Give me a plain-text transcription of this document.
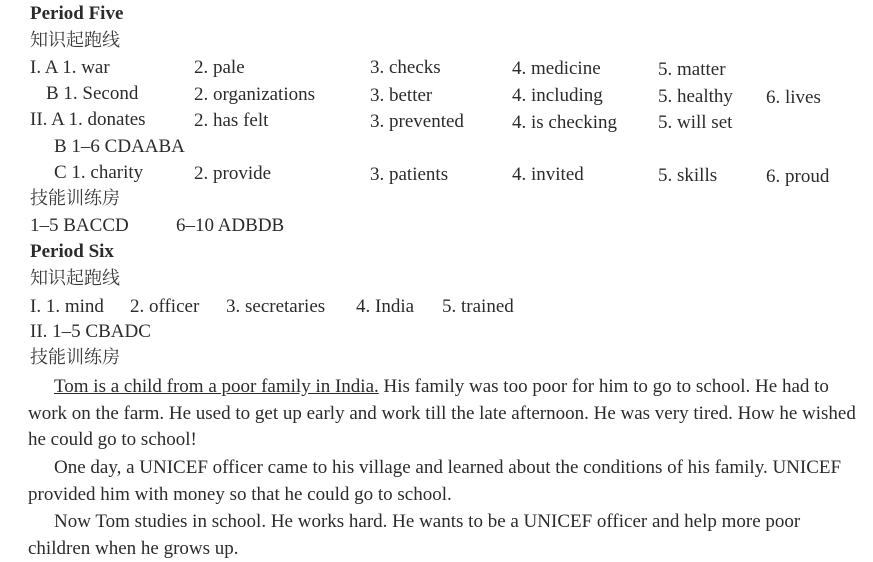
Period Five
知识起跑线
I. A 1. war	2. pale	3. checks	4. medicine	5. matter
B 1. Second	2. organizations	3. better	4. including	5. healthy 6. lives
II. A 1. donates	2. has felt	3. prevented	4. is checking 5. will set
B 1–6 CDAABA
C 1. charity	2. provide	3. patients	4. invited	5. skills	6. proud
技能训练房
1–5 BACCD 6–10 ADBDB
Period Six
知识起跑线
I. 1. mind 2. officer 3. secretaries 4. India 5. trained
II. 1–5 CBADC
技能训练房
Tom is a child from a poor family in India. His family was too poor for him to go to school. He had to work on the farm. He used to get up early and work till the late afternoon. He was very tired. How he wished he could go to school!
One day, a UNICEF officer came to his village and learned about the conditions of his family. UNICEF provided him with money so that he could go to school.
Now Tom studies in school. He works hard. He wants to be a UNICEF officer and help more poor children when he grows up.
